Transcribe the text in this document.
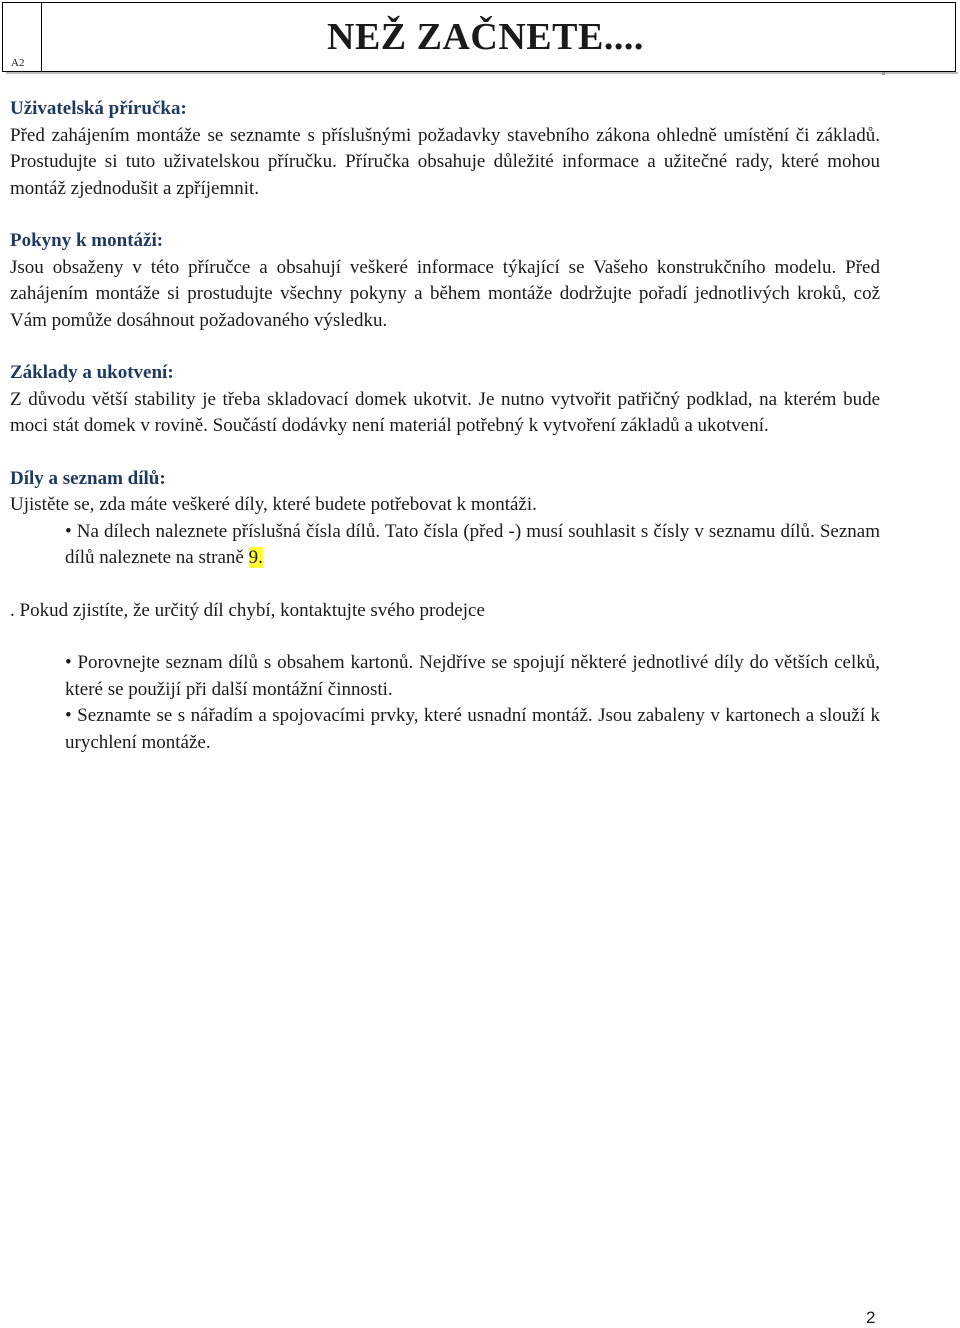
A2
NEŽ ZAČNETE....
Uživatelská příručka:

Před zahájením montáže se seznamte s příslušnými požadavky stavebního zákona ohledně umístění či základů. Prostudujte si tuto uživatelskou příručku. Příručka obsahuje důležité informace a užitečné rady, které mohou montáž zjednodušit a zpříjemnit.

Pokyny k montáži:

Jsou obsaženy v této příručce a obsahují veškeré informace týkající se Vašeho konstrukčního modelu. Před zahájením montáže si prostudujte všechny pokyny a během montáže dodržujte pořadí jednotlivých kroků, což Vám pomůže dosáhnout požadovaného výsledku.

Základy a ukotvení:

Z důvodu větší stability je třeba skladovací domek ukotvit. Je nutno vytvořit patřičný podklad, na kterém bude moci stát domek v rovině. Součástí dodávky není materiál potřebný k vytvoření základů a ukotvení.

Díly a seznam dílů:

Ujistěte se, zda máte veškeré díly, které budete potřebovat k montáži.

• Na dílech naleznete příslušná čísla dílů. Tato čísla (před -) musí souhlasit s čísly v seznamu dílů. Seznam dílů naleznete na straně 9.

. Pokud zjistíte, že určitý díl chybí, kontaktujte svého prodejce

• Porovnejte seznam dílů s obsahem kartonů. Nejdříve se spojují některé jednotlivé díly do větších celků, které se použijí při další montážní činnosti.

• Seznamte se s nářadím a spojovacími prvky, které usnadní montáž. Jsou zabaleny v kartonech a slouží k urychlení montáže.

2
